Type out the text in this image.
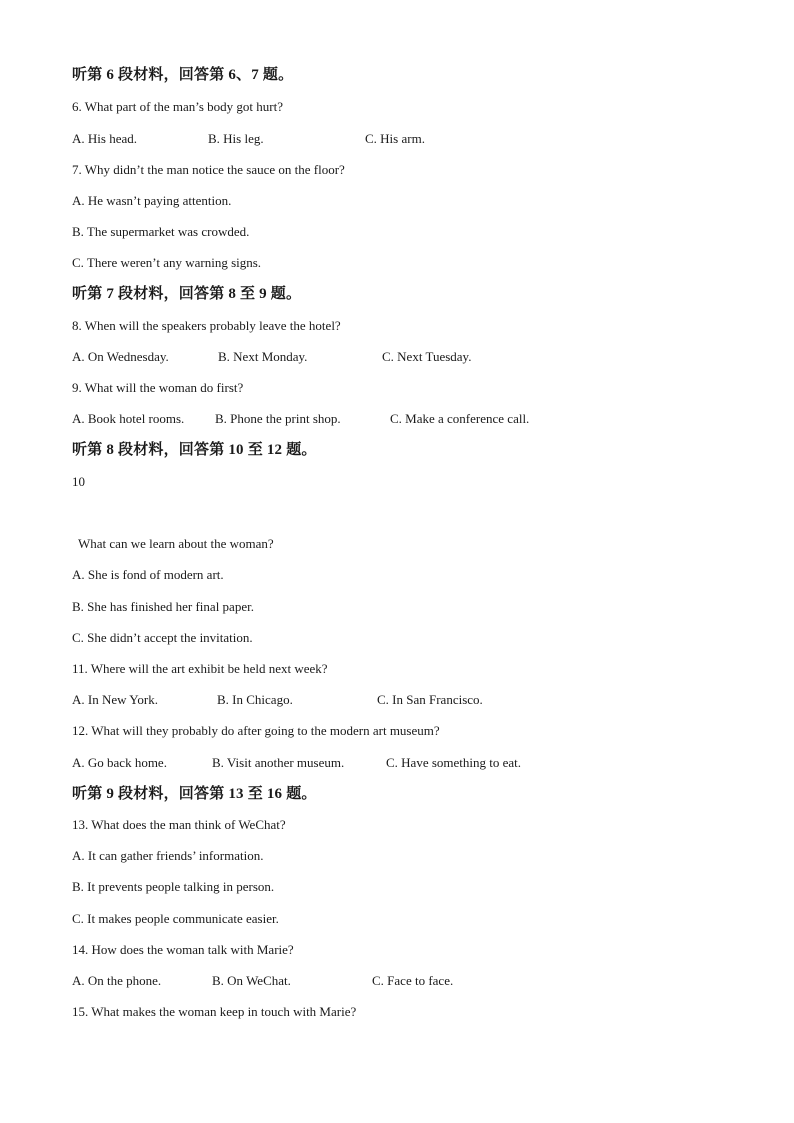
听第 6 段材料，回答第 6、7 题。
6. What part of the man’s body got hurt?
A. His head.	B. His leg.	C. His arm.
7. Why didn’t the man notice the sauce on the floor?
A. He wasn’t paying attention.
B. The supermarket was crowded.
C. There weren’t any warning signs.
听第 7 段材料，回答第 8 至 9 题。
8. When will the speakers probably leave the hotel?
A. On Wednesday.	B. Next Monday.	C. Next Tuesday.
9. What will the woman do first?
A. Book hotel rooms. B. Phone the print shop.	C. Make a conference call.
听第 8 段材料，回答第 10 至 12 题。
10
What can we learn about the woman?
A. She is fond of modern art.
B. She has finished her final paper.
C. She didn’t accept the invitation.
11. Where will the art exhibit be held next week?
A. In New York.	B. In Chicago.	C. In San Francisco.
12. What will they probably do after going to the modern art museum?
A. Go back home.	B. Visit another museum.	C. Have something to eat.
听第 9 段材料，回答第 13 至 16 题。
13. What does the man think of WeChat?
A. It can gather friends’ information.
B. It prevents people talking in person.
C. It makes people communicate easier.
14. How does the woman talk with Marie?
A. On the phone.	B. On WeChat.	C. Face to face.
15. What makes the woman keep in touch with Marie?
